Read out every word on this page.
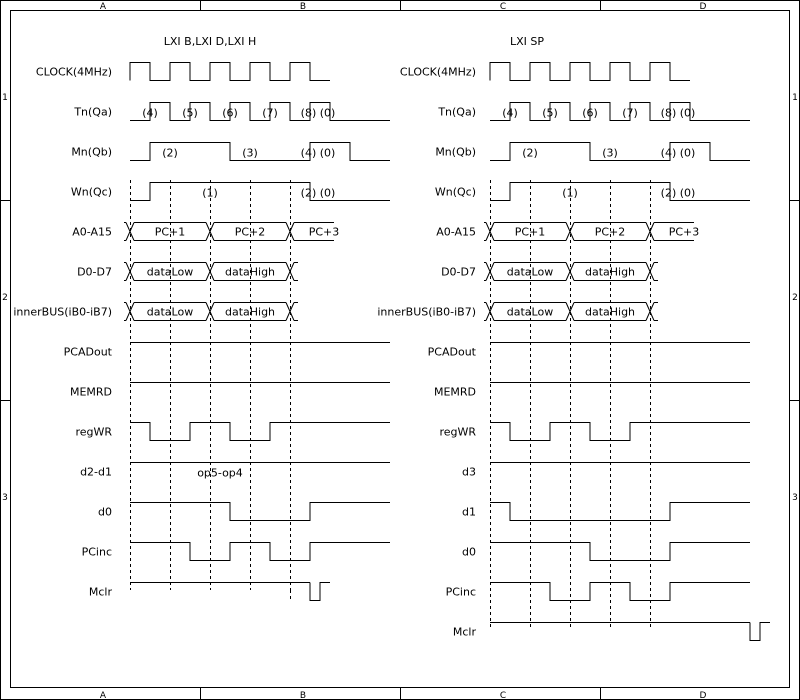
A
A
B
B
C
C
D
D
1	1
2	2
3	3
LXI B,LXI D,LXI H
CLOCK(4MHz)
Tn(Qa)	(4) (5) (6) (7) (8) (0)
Mn(Qb)	(2)	(3)	(4) (0)
Wn(Qc)	(1)	(2) (0)
A0-A15	PC+1	PC+2	PC+3
D0-D7	dataLow	dataHigh
innerBUS(iB0-iB7)	dataLow	dataHigh
PCADout
MEMRD
regWR
d2-d1	op5-op4
d0
PCinc
Mclr
LXI SP
CLOCK(4MHz)
Tn(Qa) (4) (5) (6) (7) (8) (0)
Mn(Qb)	(2)	(3)	(4) (0)
Wn(Qc)	(1)	(2) (0)
A0-A15	PC+1	PC+2	PC+3
D0-D7	dataLow	dataHigh
innerBUS(iB0-iB7)	dataLow	dataHigh
PCADout
MEMRD
regWR
d3
d1
d0
PCinc
Mclr
